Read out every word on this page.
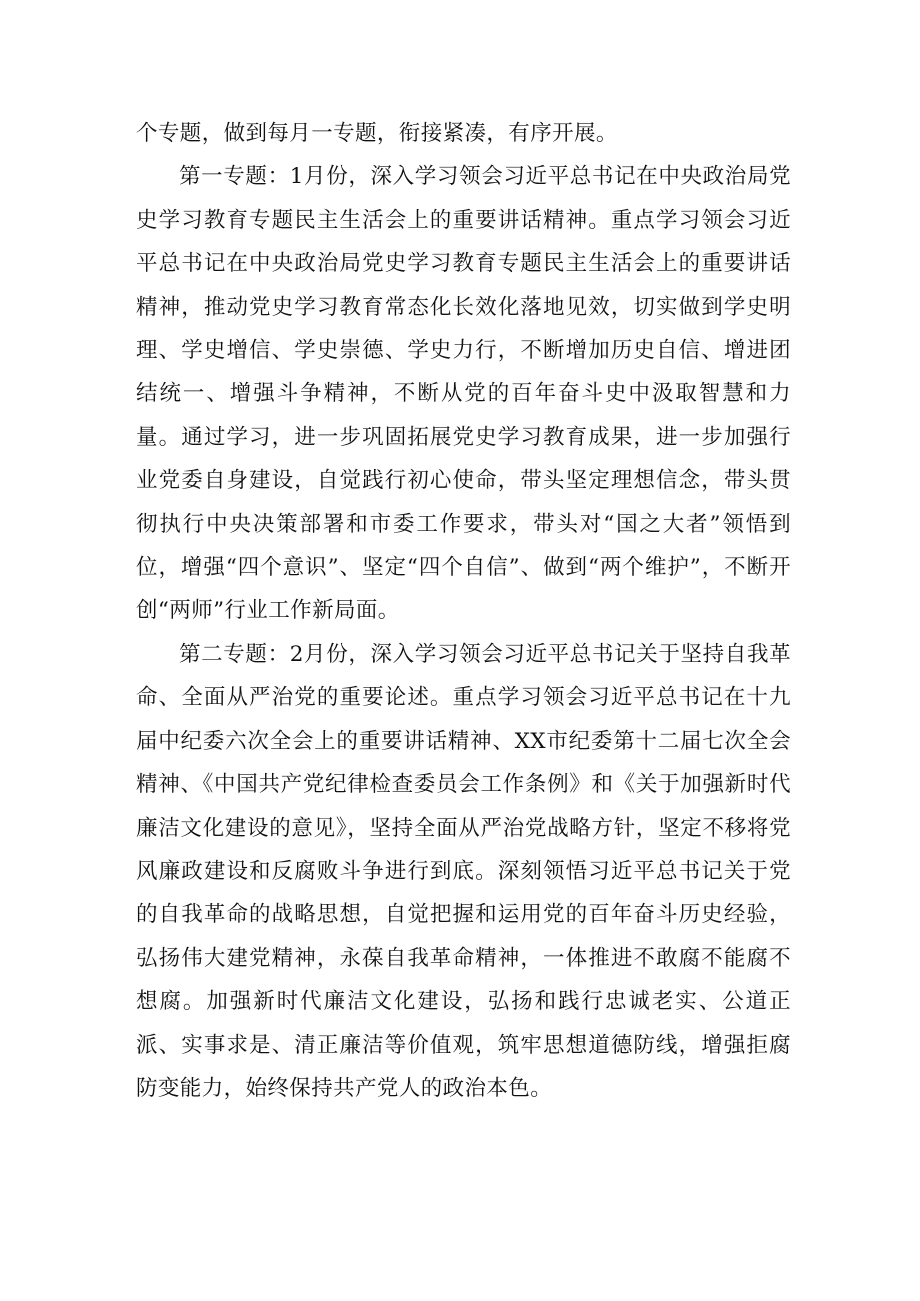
个专题，做到每月一专题，衔接紧凑，有序开展。

第一专题：1月份，深入学习领会习近平总书记在中央政治局党史学习教育专题民主生活会上的重要讲话精神。重点学习领会习近平总书记在中央政治局党史学习教育专题民主生活会上的重要讲话精神，推动党史学习教育常态化长效化落地见效，切实做到学史明理、学史增信、学史崇德、学史力行，不断增加历史自信、增进团结统一、增强斗争精神，不断从党的百年奋斗史中汲取智慧和力量。通过学习，进一步巩固拓展党史学习教育成果，进一步加强行业党委自身建设，自觉践行初心使命，带头坚定理想信念，带头贯彻执行中央决策部署和市委工作要求，带头对“国之大者”领悟到位，增强“四个意识”、坚定“四个自信”、做到“两个维护”，不断开创“两师”行业工作新局面。

第二专题：2月份，深入学习领会习近平总书记关于坚持自我革命、全面从严治党的重要论述。重点学习领会习近平总书记在十九届中纪委六次全会上的重要讲话精神、XX市纪委第十二届七次全会精神、《中国共产党纪律检查委员会工作条例》和《关于加强新时代廉洁文化建设的意见》，坚持全面从严治党战略方针，坚定不移将党风廉政建设和反腐败斗争进行到底。深刻领悟习近平总书记关于党的自我革命的战略思想，自觉把握和运用党的百年奋斗历史经验，弘扬伟大建党精神，永葆自我革命精神，一体推进不敢腐不能腐不想腐。加强新时代廉洁文化建设，弘扬和践行忠诚老实、公道正派、实事求是、清正廉洁等价值观，筑牢思想道德防线，增强拒腐防变能力，始终保持共产党人的政治本色。
